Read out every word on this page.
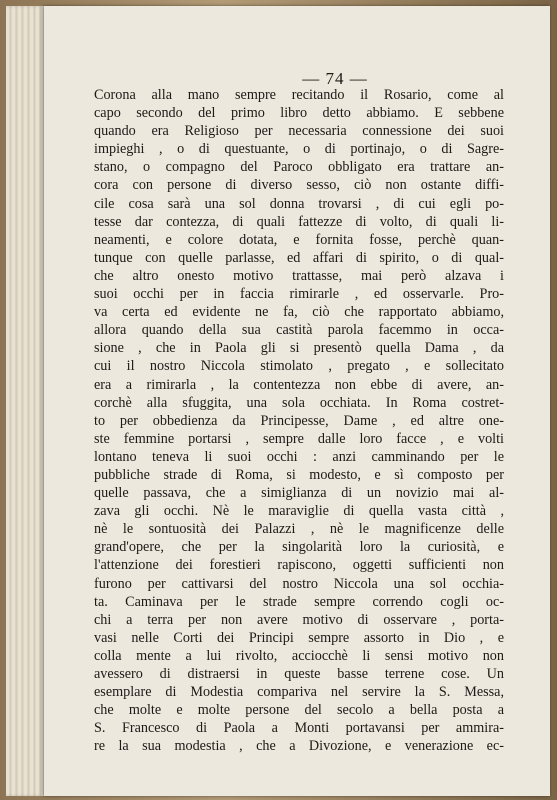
— 74 —
Corona alla mano sempre recitando il Rosario, come al
capo secondo del primo libro detto abbiamo. E sebbene
quando era Religioso per necessaria connessione dei suoi
impieghi , o di questuante, o di portinajo, o di Sagre-
stano, o compagno del Paroco obbligato era trattare an-
cora con persone di diverso sesso, ciò non ostante diffi-
cile cosa sarà una sol donna trovarsi , di cui egli po-
tesse dar contezza, di quali fattezze di volto, di quali li-
neamenti, e colore dotata, e fornita fosse, perchè quan-
tunque con quelle parlasse, ed affari di spirito, o di qual-
che altro onesto motivo trattasse, mai però alzava i
suoi occhi per in faccia rimirarle , ed osservarle. Pro-
va certa ed evidente ne fa, ciò che rapportato abbiamo,
allora quando della sua castità parola facemmo in occa-
sione , che in Paola gli si presentò quella Dama , da
cui il nostro Niccola stimolato , pregato , e sollecitato
era a rimirarla , la contentezza non ebbe di avere, an-
corchè alla sfuggita, una sola occhiata. In Roma costret-
to per obbedienza da Principesse, Dame , ed altre one-
ste femmine portarsi , sempre dalle loro facce , e volti
lontano teneva li suoi occhi : anzi camminando per le
pubbliche strade di Roma, si modesto, e sì composto per
quelle passava, che a simiglianza di un novizio mai al-
zava gli occhi. Nè le maraviglie di quella vasta città ,
nè le sontuosità dei Palazzi , nè le magnificenze delle
grand'opere, che per la singolarità loro la curiosità, e
l'attenzione dei forestieri rapiscono, oggetti sufficienti non
furono per cattivarsi del nostro Niccola una sol occhia-
ta. Caminava per le strade sempre correndo cogli oc-
chi a terra per non avere motivo di osservare , porta-
vasi nelle Corti dei Principi sempre assorto in Dio , e
colla mente a lui rivolto, acciocchè li sensi motivo non
avessero di distraersi in queste basse terrene cose. Un
esemplare di Modestia compariva nel servire la S. Messa,
che molte e molte persone del secolo a bella posta a
S. Francesco di Paola a Monti portavansi per ammira-
re la sua modestia , che a Divozione, e venerazione ec-
